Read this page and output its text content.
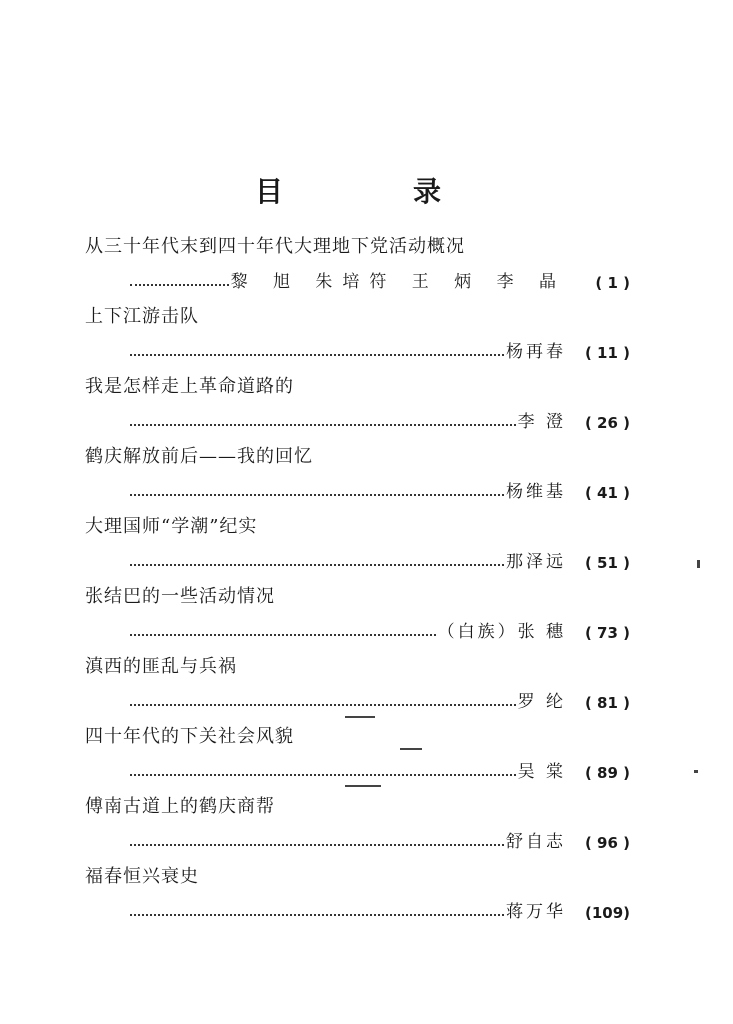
目	录
从三十年代末到四十年代大理地下党活动概况
黎 旭 朱培符 王 炳 李 晶	( 1 )
上下江游击队
杨再春	( 11 )
我是怎样走上革命道路的
李 澄	( 26 )
鹤庆解放前后——我的回忆
杨维基	( 41 )
大理国师“学潮”纪实
那泽远	( 51 )
张结巴的一些活动情况
（白族）张 穗	( 73 )
滇西的匪乱与兵祸
罗 纶	( 81 )
四十年代的下关社会风貌
吴 棠	( 89 )
傅南古道上的鹤庆商帮
舒自志	( 96 )
福春恒兴衰史
蒋万华	(109)
